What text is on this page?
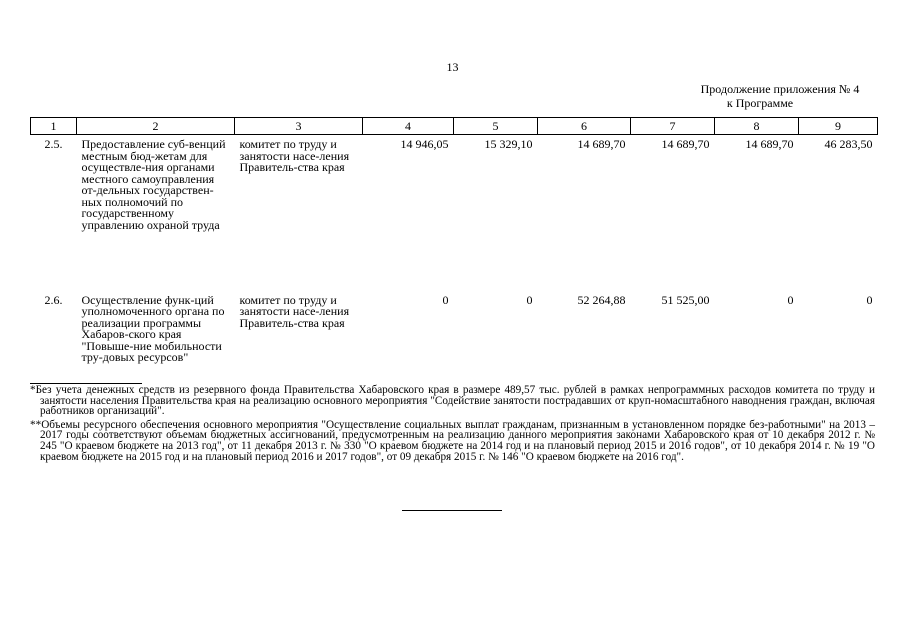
13
Продолжение приложения № 4
к Программе
1	2	3	4	5	6	7	8	9
2.5.	Предоставление суб-венций местным бюд-жетам для осуществле-ния органами местного самоуправления от-дельных государствен-ных полномочий по государственному управлению охраной труда	комитет по труду и занятости насе-ления Правитель-ства края	14 946,05	15 329,10	14 689,70	14 689,70	14 689,70	46 283,50
2.6.	Осуществление функ-ций уполномоченного органа по реализации программы Хабаров-ского края "Повыше-ние мобильности тру-довых ресурсов"	комитет по труду и занятости насе-ления Правитель-ства края	0	0	52 264,88	51 525,00	0	0

*Без учета денежных средств из резервного фонда Правительства Хабаровского края в размере 489,57 тыс. рублей в рамках непрограммных расходов комитета по труду и занятости населения Правительства края на реализацию основного мероприятия "Содействие занятости пострадавших от круп-номасштабного наводнения граждан, включая работников организаций".

**Объемы ресурсного обеспечения основного мероприятия "Осуществление социальных выплат гражданам, признанным в установленном порядке без-работными" на 2013 – 2017 годы соответствуют объемам бюджетных ассигнований, предусмотренным на реализацию данного мероприятия законами Хабаровского края от 10 декабря 2012 г. № 245 "О краевом бюджете на 2013 год", от 11 декабря 2013 г. № 330 "О краевом бюджете на 2014 год и на плановый период 2015 и 2016 годов", от 10 декабря 2014 г. № 19 "О краевом бюджете на 2015 год и на плановый период 2016 и 2017 годов", от 09 декабря 2015 г. № 146 "О краевом бюджете на 2016 год".
